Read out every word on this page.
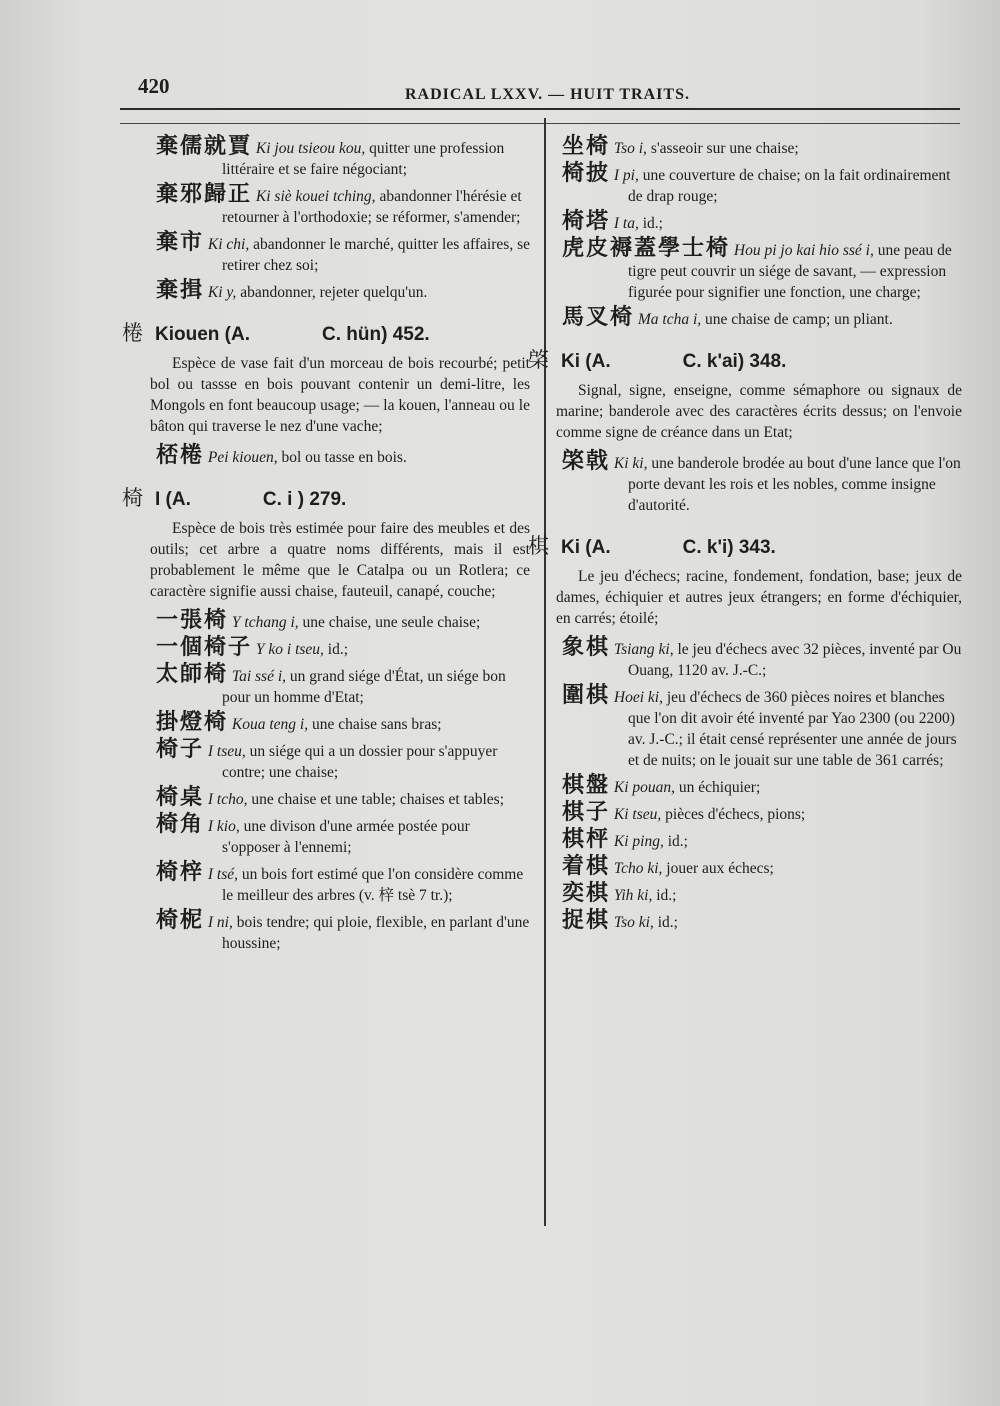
420	RADICAL LXXV. — HUIT TRAITS.
棄儒就賈 Ki jou tsieou kou, quitter une profession littéraire et se faire négociant;
棄邪歸正 Ki siè kouei tching, abandonner l'hérésie et retourner à l'orthodoxie; se réformer, s'amender;
棄市 Ki chi, abandonner le marché, quitter les affaires, se retirer chez soi;
棄揖 Ki y, abandonner, rejeter quelqu'un.
棬 Kiouen (A.	C. hün) 452.
Espèce de vase fait d'un morceau de bois recourbé; petit bol ou tassse en bois pouvant contenir un demi-litre, les Mongols en font beaucoup usage; — la kouen, l'anneau ou le bâton qui traverse le nez d'une vache;
桮棬 Pei kiouen, bol ou tasse en bois.
椅 I (A.	C. i ) 279.
Espèce de bois très estimée pour faire des meubles et des outils; cet arbre a quatre noms différents, mais il est probablement le même que le Catalpa ou un Rotlera; ce caractère signifie aussi chaise, fauteuil, canapé, couche;
一張椅 Y tchang i, une chaise, une seule chaise;
一個椅子 Y ko i tseu, id.;
太師椅 Tai ssé i, un grand siége d'État, un siége bon pour un homme d'Etat;
掛燈椅 Koua teng i, une chaise sans bras;
椅子 I tseu, un siége qui a un dossier pour s'appuyer contre; une chaise;
椅桌 I tcho, une chaise et une table; chaises et tables;
椅角 I kio, une divison d'une armée postée pour s'opposer à l'ennemi;
椅梓 I tsé, un bois fort estimé que l'on considère comme le meilleur des arbres (v. 梓 tsè 7 tr.);
椅柅 I ni, bois tendre; qui ploie, flexible, en parlant d'une houssine;
坐椅 Tso i, s'asseoir sur une chaise;
椅披 I pi, une couverture de chaise; on la fait ordinairement de drap rouge;
椅塔 I ta, id.;
虎皮褥蓋學士椅 Hou pi jo kai hio ssé i, une peau de tigre peut couvrir un siége de savant, — expression figurée pour signifier une fonction, une charge;
馬叉椅 Ma tcha i, une chaise de camp; un pliant.
棨 Ki (A.	C. k'ai) 348.
Signal, signe, enseigne, comme sémaphore ou signaux de marine; banderole avec des caractères écrits dessus; on l'envoie comme signe de créance dans un Etat;
棨戟 Ki ki, une banderole brodée au bout d'une lance que l'on porte devant les rois et les nobles, comme insigne d'autorité.
棋 Ki (A.	C. k'i) 343.
Le jeu d'échecs; racine, fondement, fondation, base; jeux de dames, échiquier et autres jeux étrangers; en forme d'échiquier, en carrés; étoilé;
象棋 Tsiang ki, le jeu d'échecs avec 32 pièces, inventé par Ou Ouang, 1120 av. J.-C.;
圍棋 Hoei ki, jeu d'échecs de 360 pièces noires et blanches que l'on dit avoir été inventé par Yao 2300 (ou 2200) av. J.-C.; il était censé représenter une année de jours et de nuits; on le jouait sur une table de 361 carrés;
棋盤 Ki pouan, un échiquier;
棋子 Ki tseu, pièces d'échecs, pions;
棋枰 Ki ping, id.;
着棋 Tcho ki, jouer aux échecs;
奕棋 Yih ki, id.;
捉棋 Tso ki, id.;
